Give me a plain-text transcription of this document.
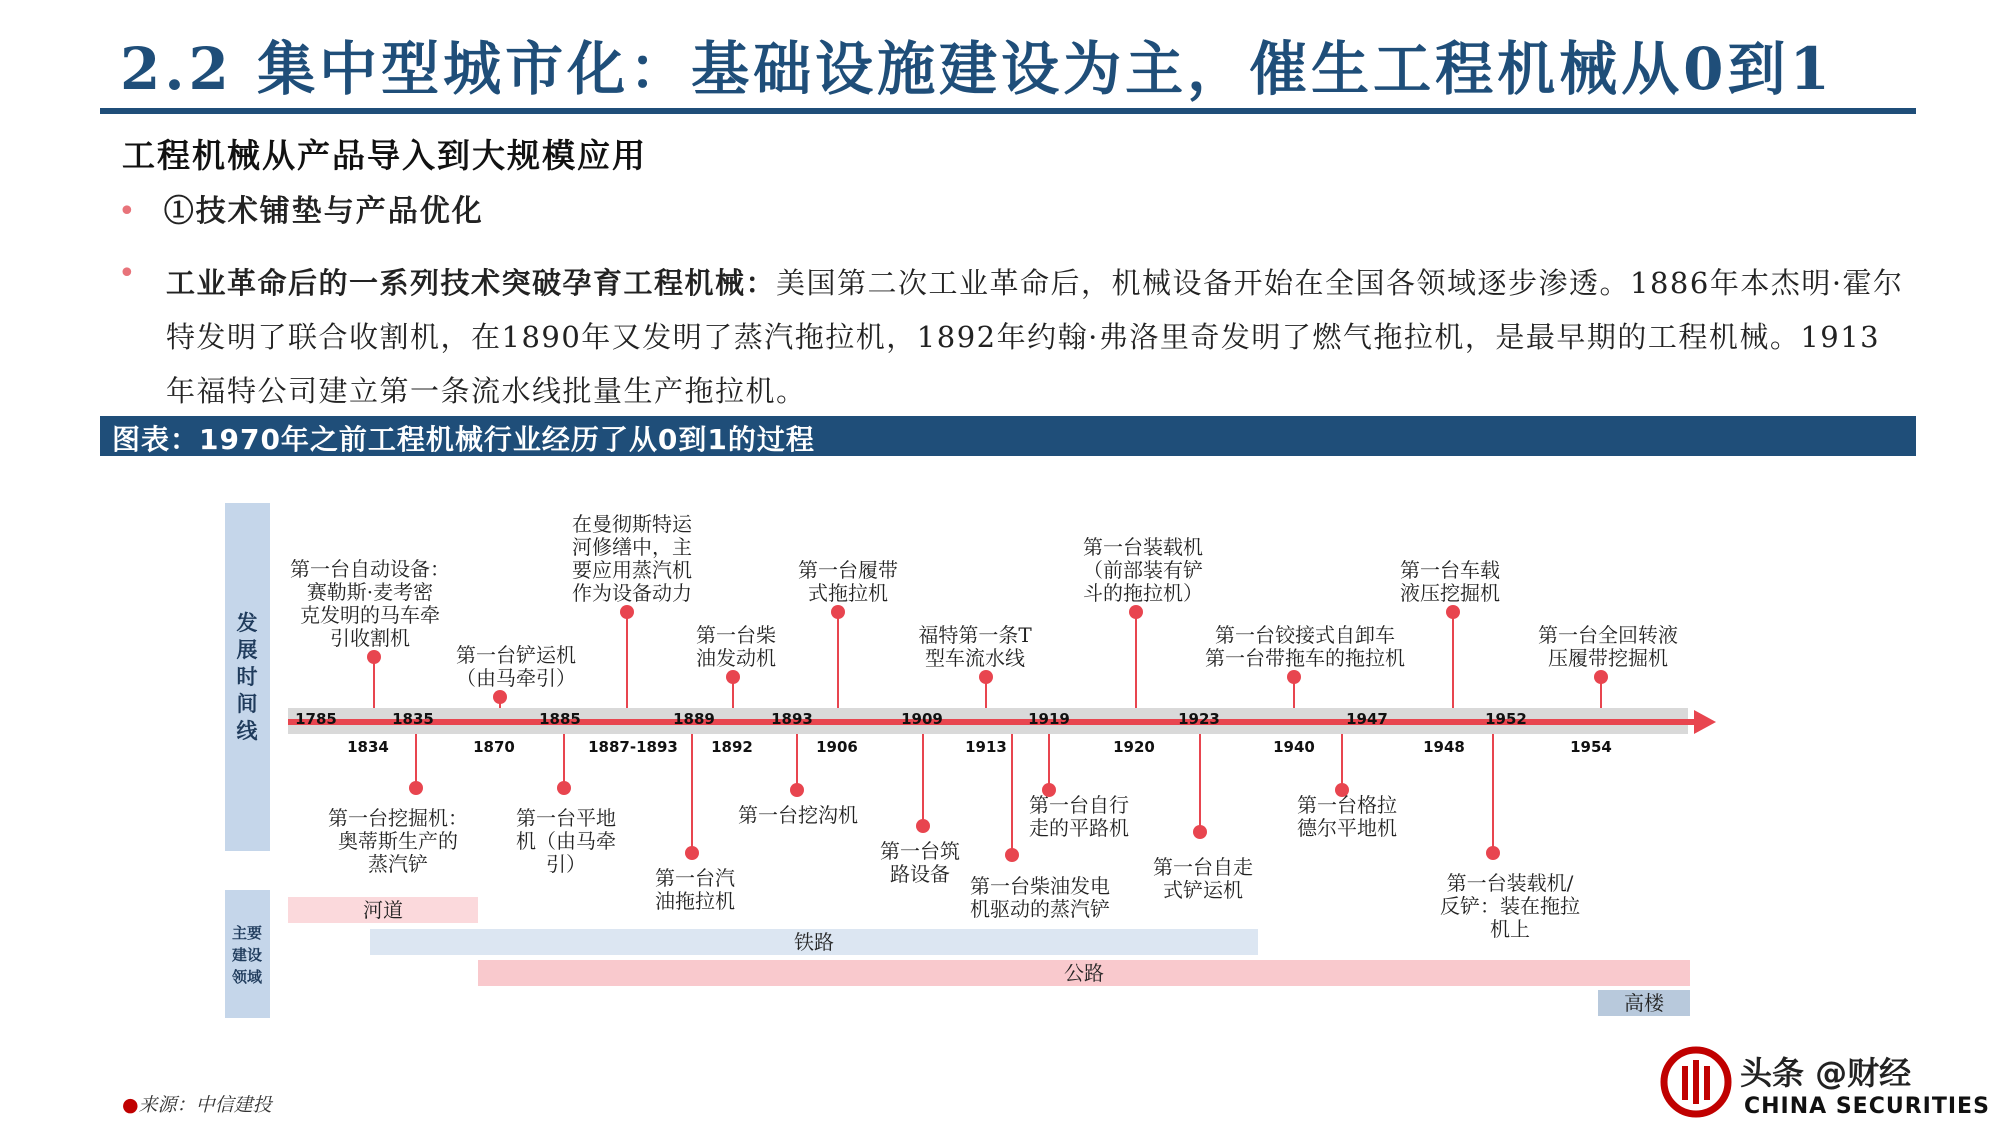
2.2 集中型城市化：基础设施建设为主，催生工程机械从0到1
工程机械从产品导入到大规模应用
• ①技术铺垫与产品优化
• 工业革命后的一系列技术突破孕育工程机械：美国第二次工业革命后，机械设备开始在全国各领域逐步渗透。1886年本杰明·霍尔特发明了联合收割机，在1890年又发明了蒸汽拖拉机，1892年约翰·弗洛里奇发明了燃气拖拉机，是最早期的工程机械。1913年福特公司建立第一条流水线批量生产拖拉机。
图表：1970年之前工程机械行业经历了从0到1的过程
发
展
时
间
线
主要
建设
领域
1785	1835	1885	1889	1893	1909	1919	1923	1947	1952
1834	1870	1887-1893 1892	1906	1913	1920	1940	1948	1954
第一台自动设备：
赛勒斯·麦考密
克发明的马车牵
引收割机
第一台铲运机
（由马牵引）
在曼彻斯特运
河修缮中，主
要应用蒸汽机
作为设备动力
第一台柴
油发动机
第一台履带
式拖拉机
福特第一条T
型车流水线
第一台装载机
（前部装有铲
斗的拖拉机）
第一台铰接式自卸车
第一台带拖车的拖拉机
第一台车载
液压挖掘机
第一台全回转液
压履带挖掘机
第一台挖掘机：
奥蒂斯生产的
蒸汽铲
第一台平地
机（由马牵
引）
第一台汽
油拖拉机
第一台挖沟机
第一台筑
路设备 第一台柴油发电
机驱动的蒸汽铲
第一台自行
走的平路机
第一台自走
式铲运机
第一台格拉
德尔平地机
第一台装载机/
反铲：装在拖拉
机上
河道
铁路
公路
高楼
●来源：中信建投
头条 @财经
CHINA SECURITIES
